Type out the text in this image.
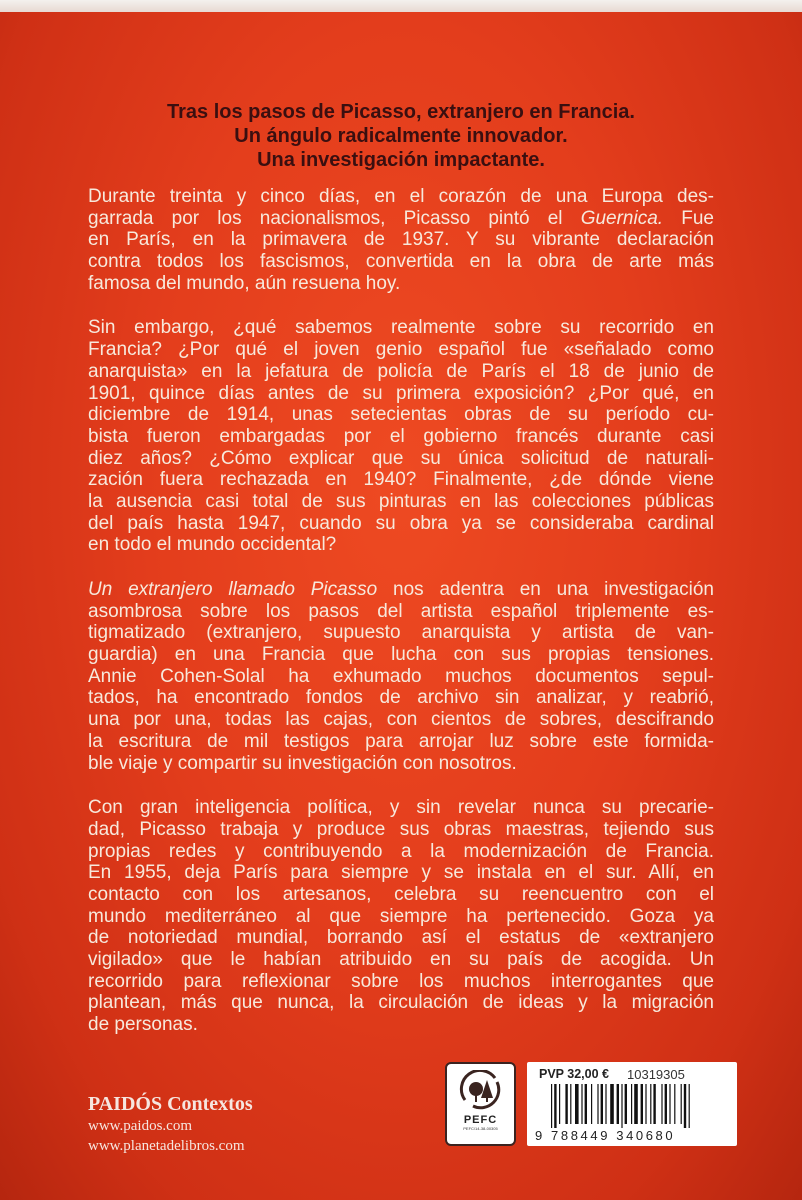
Tras los pasos de Picasso, extranjero en Francia.
Un ángulo radicalmente innovador.
Una investigación impactante.
Durante treinta y cinco días, en el corazón de una Europa des-
garrada por los nacionalismos, Picasso pintó el Guernica. Fue
en París, en la primavera de 1937. Y su vibrante declaración
contra todos los fascismos, convertida en la obra de arte más
famosa del mundo, aún resuena hoy.
Sin embargo, ¿qué sabemos realmente sobre su recorrido en
Francia? ¿Por qué el joven genio español fue «señalado como
anarquista» en la jefatura de policía de París el 18 de junio de
1901, quince días antes de su primera exposición? ¿Por qué, en
diciembre de 1914, unas setecientas obras de su período cu-
bista fueron embargadas por el gobierno francés durante casi
diez años? ¿Cómo explicar que su única solicitud de naturali-
zación fuera rechazada en 1940? Finalmente, ¿de dónde viene
la ausencia casi total de sus pinturas en las colecciones públicas
del país hasta 1947, cuando su obra ya se consideraba cardinal
en todo el mundo occidental?
Un extranjero llamado Picasso nos adentra en una investigación
asombrosa sobre los pasos del artista español triplemente es-
tigmatizado (extranjero, supuesto anarquista y artista de van-
guardia) en una Francia que lucha con sus propias tensiones.
Annie Cohen-Solal ha exhumado muchos documentos sepul-
tados, ha encontrado fondos de archivo sin analizar, y reabrió,
una por una, todas las cajas, con cientos de sobres, descifrando
la escritura de mil testigos para arrojar luz sobre este formida-
ble viaje y compartir su investigación con nosotros.
Con gran inteligencia política, y sin revelar nunca su precarie-
dad, Picasso trabaja y produce sus obras maestras, tejiendo sus
propias redes y contribuyendo a la modernización de Francia.
En 1955, deja París para siempre y se instala en el sur. Allí, en
contacto con los artesanos, celebra su reencuentro con el
mundo mediterráneo al que siempre ha pertenecido. Goza ya
de notoriedad mundial, borrando así el estatus de «extranjero
vigilado» que le habían atribuido en su país de acogida. Un
recorrido para reflexionar sobre los muchos interrogantes que
plantean, más que nunca, la circulación de ideas y la migración
de personas.
PAIDÓS Contextos
www.paidos.com
www.planetadelibros.com
PEFC
PEFC/14-38-00305
PVP 32,00 € 10319305
9 788449 340680
